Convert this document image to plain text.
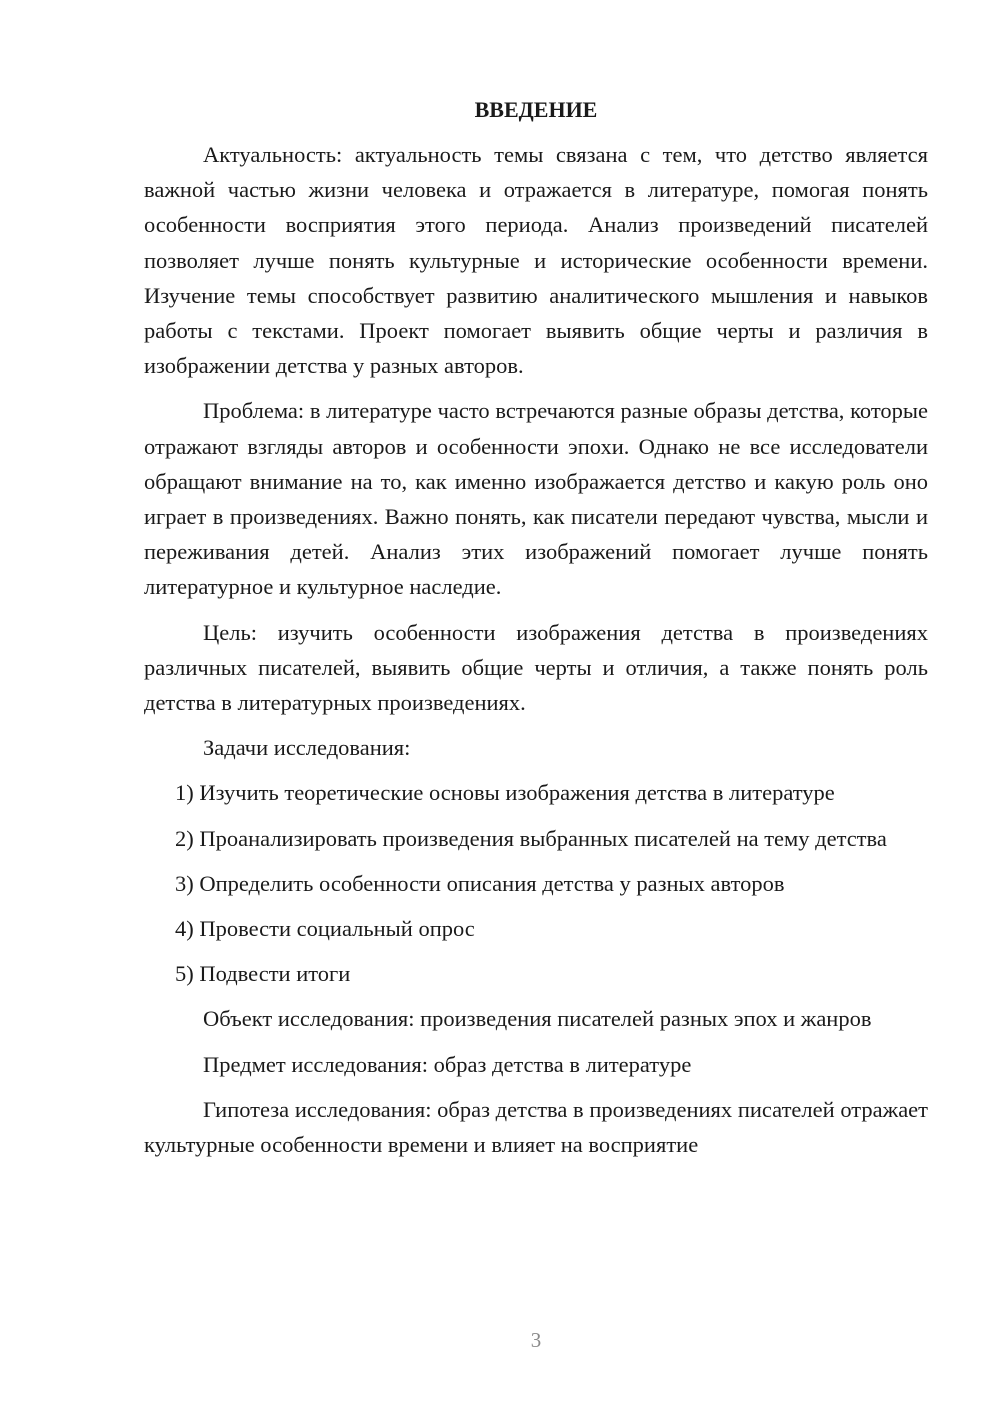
ВВЕДЕНИЕ

Актуальность: актуальность темы связана с тем, что детство является важной частью жизни человека и отражается в литературе, помогая понять особенности восприятия этого периода. Анализ произведений писателей позволяет лучше понять культурные и исторические особенности времени. Изучение темы способствует развитию аналитического мышления и навыков работы с текстами. Проект помогает выявить общие черты и различия в изображении детства у разных авторов.

Проблема: в литературе часто встречаются разные образы детства, которые отражают взгляды авторов и особенности эпохи. Однако не все исследователи обращают внимание на то, как именно изображается детство и какую роль оно играет в произведениях. Важно понять, как писатели передают чувства, мысли и переживания детей. Анализ этих изображений помогает лучше понять литературное и культурное наследие.

Цель: изучить особенности изображения детства в произведениях различных писателей, выявить общие черты и отличия, а также понять роль детства в литературных произведениях.

Задачи исследования:

1) Изучить теоретические основы изображения детства в литературе

2) Проанализировать произведения выбранных писателей на тему детства

3) Определить особенности описания детства у разных авторов

4) Провести социальный опрос

5) Подвести итоги

Объект исследования: произведения писателей разных эпох и жанров

Предмет исследования: образ детства в литературе

Гипотеза исследования: образ детства в произведениях писателей отражает культурные особенности времени и влияет на восприятие

3
